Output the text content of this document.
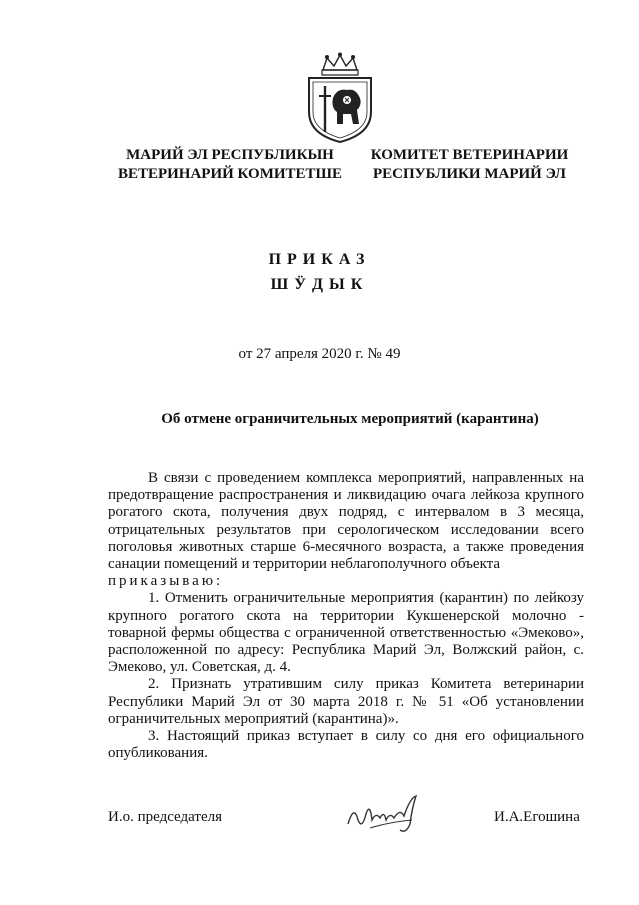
МАРИЙ ЭЛ РЕСПУБЛИКЫН
ВЕТЕРИНАРИЙ КОМИТЕТШЕ
КОМИТЕТ ВЕТЕРИНАРИИ
РЕСПУБЛИКИ МАРИЙ ЭЛ
ПРИКАЗ
ШӰДЫК
от 27 апреля 2020 г. № 49
Об отмене ограничительных мероприятий (карантина)

В связи с проведением комплекса мероприятий, направленных на предотвращение распространения и ликвидацию очага лейкоза крупного рогатого скота, получения двух подряд, с интервалом в 3 месяца, отрицательных результатов при серологическом исследовании всего поголовья животных старше 6-месячного возраста, а также проведения санации помещений и территории неблагополучного объекта

приказываю:

1. Отменить ограничительные мероприятия (карантин) по лейкозу крупного рогатого скота на территории Кукшенерской молочно - товарной фермы общества с ограниченной ответственностью «Эмеково», расположенной по адресу: Республика Марий Эл, Волжский район, с. Эмеково, ул. Советская, д. 4.

2. Признать утратившим силу приказ Комитета ветеринарии Республики Марий Эл от 30 марта 2018 г. № 51 «Об установлении ограничительных мероприятий (карантина)».

3. Настоящий приказ вступает в силу со дня его официального опубликования.

И.о. председателя	И.А.Егошина
